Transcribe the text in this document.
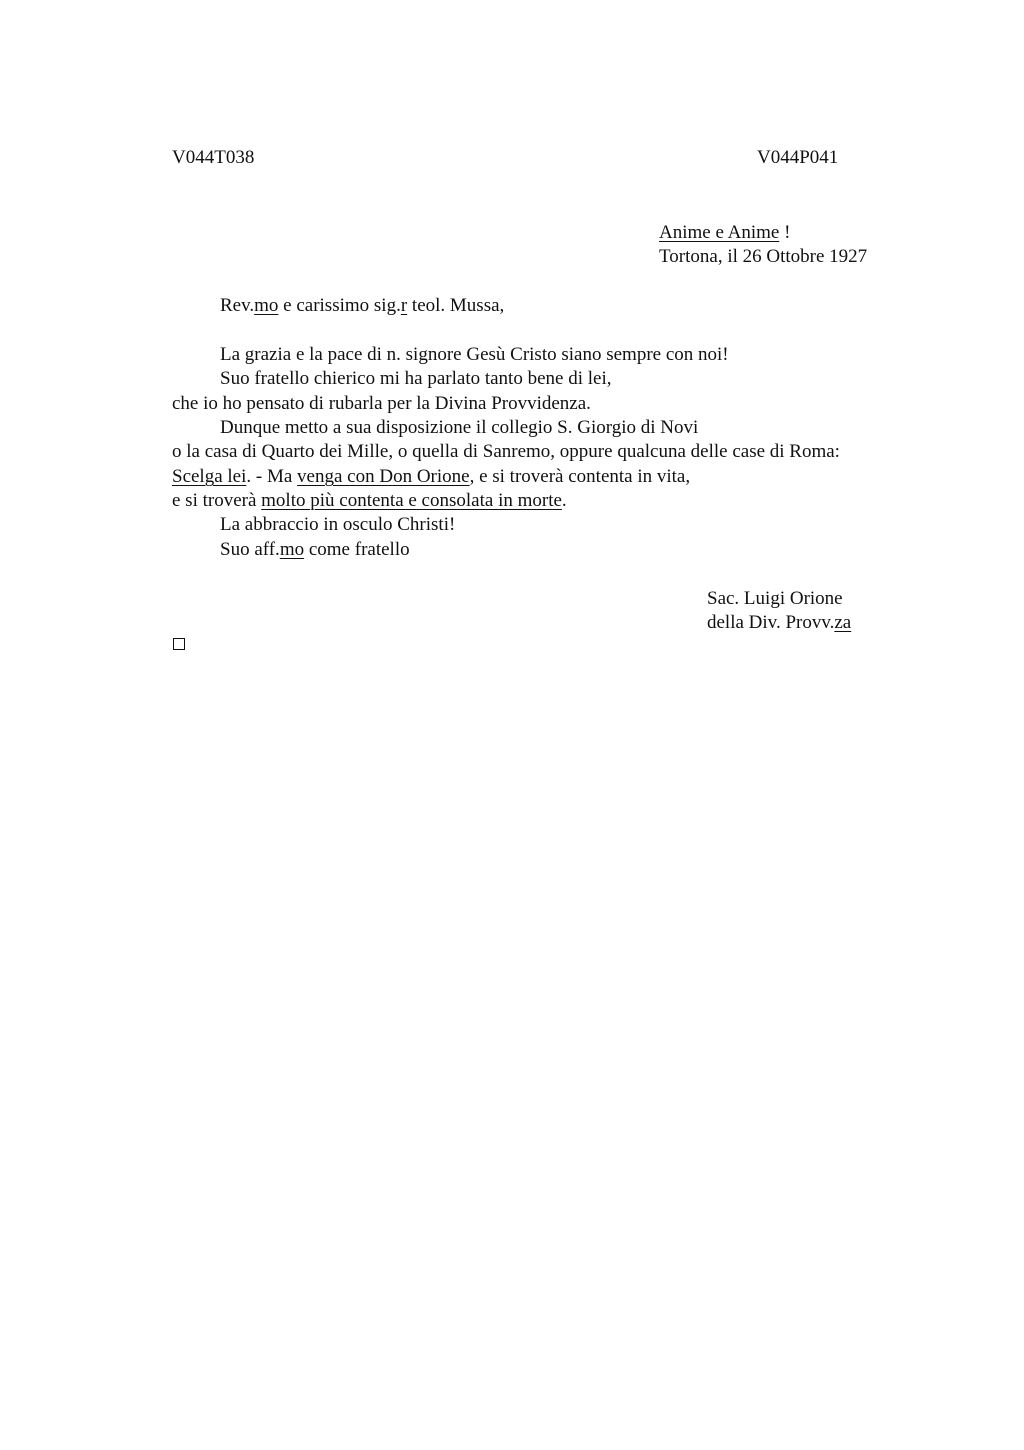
V044T038	V044P041
Anime e Anime !
Tortona, il 26 Ottobre 1927
Rev.mo e carissimo sig.r teol. Mussa,
La grazia e la pace di n. signore Gesù Cristo siano sempre con noi!
Suo fratello chierico mi ha parlato tanto bene di lei,
che io ho pensato di rubarla per la Divina Provvidenza.
Dunque metto a sua disposizione il collegio S. Giorgio di Novi
o la casa di Quarto dei Mille, o quella di Sanremo, oppure qualcuna delle case di Roma:
Scelga lei. - Ma venga con Don Orione, e si troverà contenta in vita,
e si troverà molto più contenta e consolata in morte.
La abbraccio in osculo Christi!
Suo aff.mo come fratello
Sac. Luigi Orione
della Div. Provv.za
